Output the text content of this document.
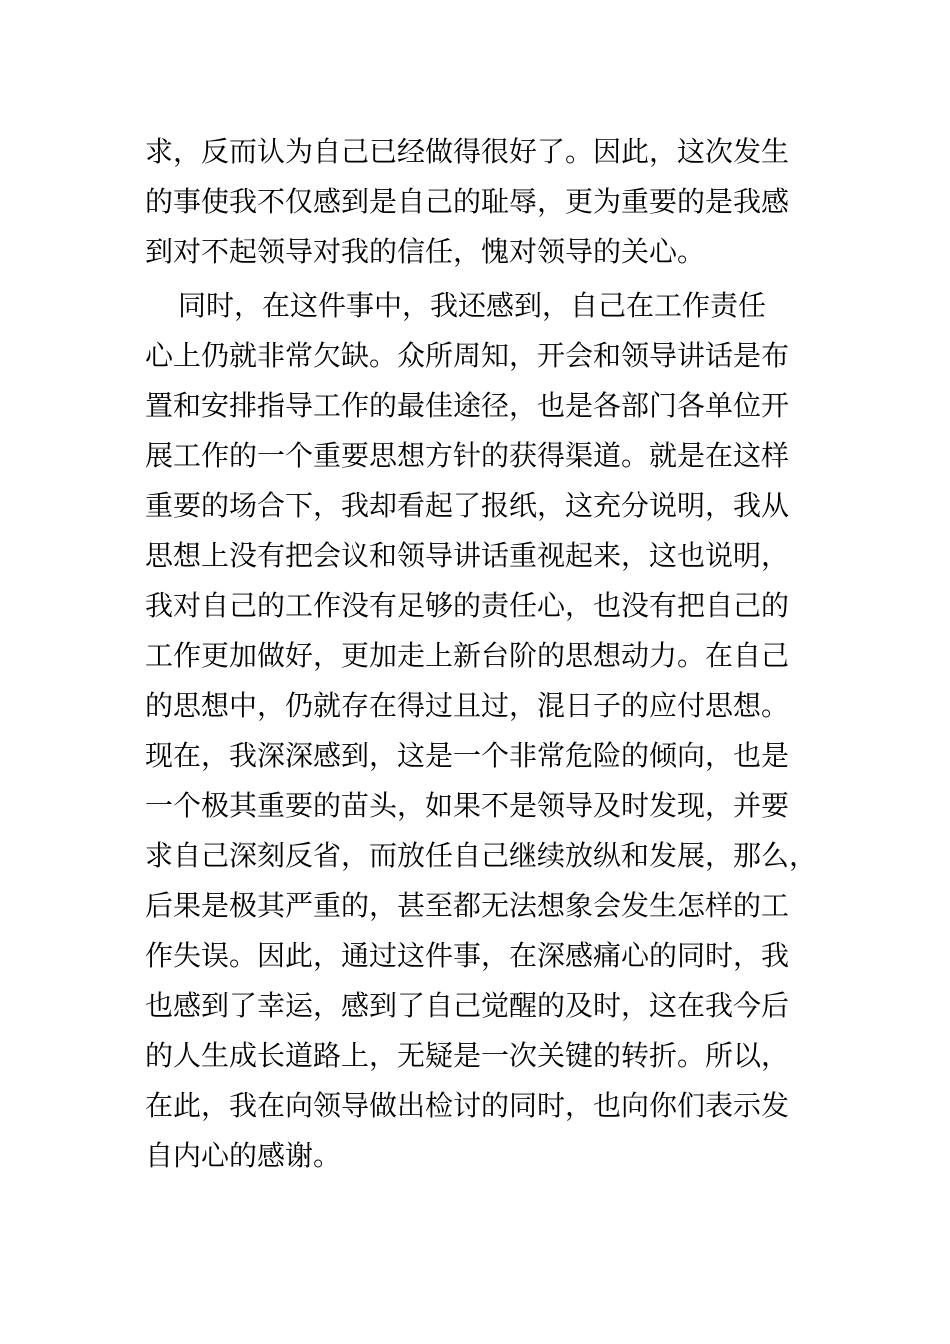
求，反而认为自己已经做得很好了。因此，这次发生
的事使我不仅感到是自己的耻辱，更为重要的是我感
到对不起领导对我的信任，愧对领导的关心。
同时，在这件事中，我还感到，自己在工作责任
心上仍就非常欠缺。众所周知，开会和领导讲话是布
置和安排指导工作的最佳途径，也是各部门各单位开
展工作的一个重要思想方针的获得渠道。就是在这样
重要的场合下，我却看起了报纸，这充分说明，我从
思想上没有把会议和领导讲话重视起来，这也说明，
我对自己的工作没有足够的责任心，也没有把自己的
工作更加做好，更加走上新台阶的思想动力。在自己
的思想中，仍就存在得过且过，混日子的应付思想。
现在，我深深感到，这是一个非常危险的倾向，也是
一个极其重要的苗头，如果不是领导及时发现，并要
求自己深刻反省，而放任自己继续放纵和发展，那么，
后果是极其严重的，甚至都无法想象会发生怎样的工
作失误。因此，通过这件事，在深感痛心的同时，我
也感到了幸运，感到了自己觉醒的及时，这在我今后
的人生成长道路上，无疑是一次关键的转折。所以，
在此，我在向领导做出检讨的同时，也向你们表示发
自内心的感谢。
